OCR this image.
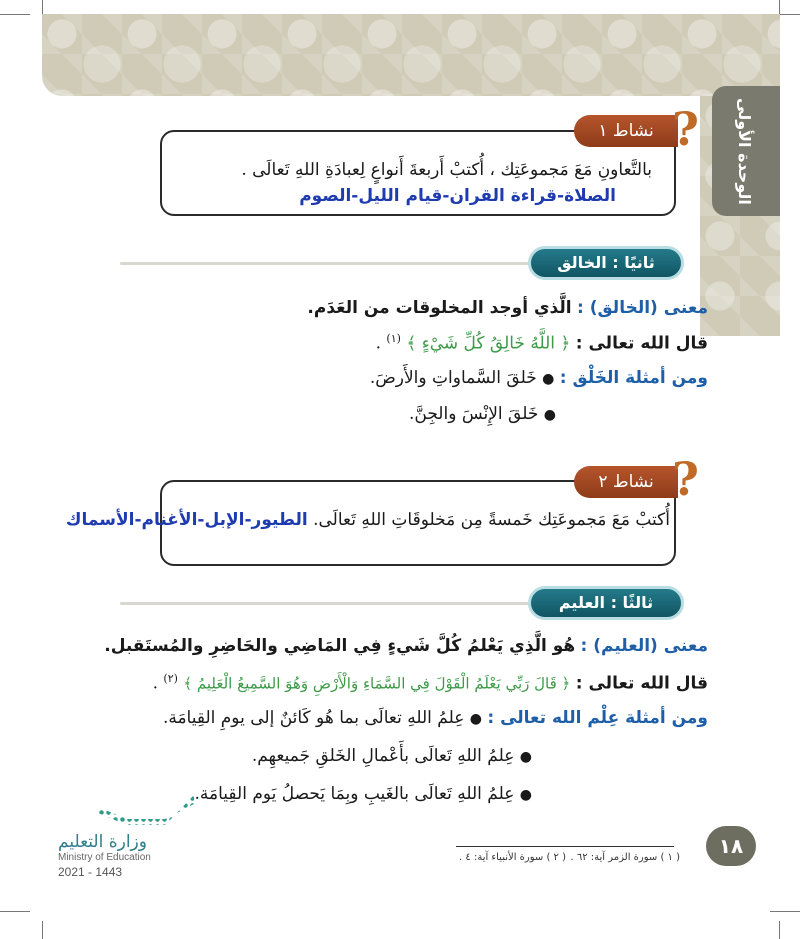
الوحدة الأولى
نشاط ١ ?
بالتَّعاونِ مَعَ مَجموعَتِك ، أُكتبْ أَربعةَ أَنواعٍ لِعبادَةِ اللهِ تَعالَى .
الصلاة-قراءة القران-قيام الليل-الصوم
ثانيًا : الخالق
معنى (الخالق) : الَّذي أوجد المخلوقات من العَدَم.
قال الله تعالى : ﴿ اللَّهُ خَالِقُ كُلِّ شَيْءٍ ﴾ $^{(١)}$ .
ومن أمثلة الخَلْق : ● خَلقَ السَّماواتِ والأَرضَ.
● خَلقَ الإِنْسَ والجِنَّ.
نشاط ٢ ?
أُكتبْ مَعَ مَجموعَتِك خَمسةً مِن مَخلوقَاتِ اللهِ تَعالَى. الطيور-الإبل-الأغنام-الأسماك
ثالثًا : العليم
معنى (العليم) : هُو الَّذِي يَعْلمُ كُلَّ شَيءٍ فِي المَاضِي والحَاضِرِ والمُستَقبل.
قال الله تعالى : ﴿ قَالَ رَبِّي يَعْلَمُ الْقَوْلَ فِي السَّمَاءِ وَالْأَرْضِ وَهُوَ السَّمِيعُ الْعَلِيمُ ﴾ $^{(٢)}$ .
ومن أمثلة عِلْم الله تعالى : ● عِلمُ اللهِ تعالَى بما هُو كَائنٌ إلى يومِ القِيامَة.
● عِلمُ اللهِ تَعالَى بأَعْمالِ الخَلقِ جَميعهِم.
● عِلمُ اللهِ تَعالَى بالغَيبِ وبِمَا يَحصلُ يَوم القِيامَة.
١٨
( ١ ) سورة الزمر آية: ٦٢ .
( ٢ ) سورة الأنبياء آية: ٤ .
وزارة التعليم
Ministry of Education
2021 - 1443
